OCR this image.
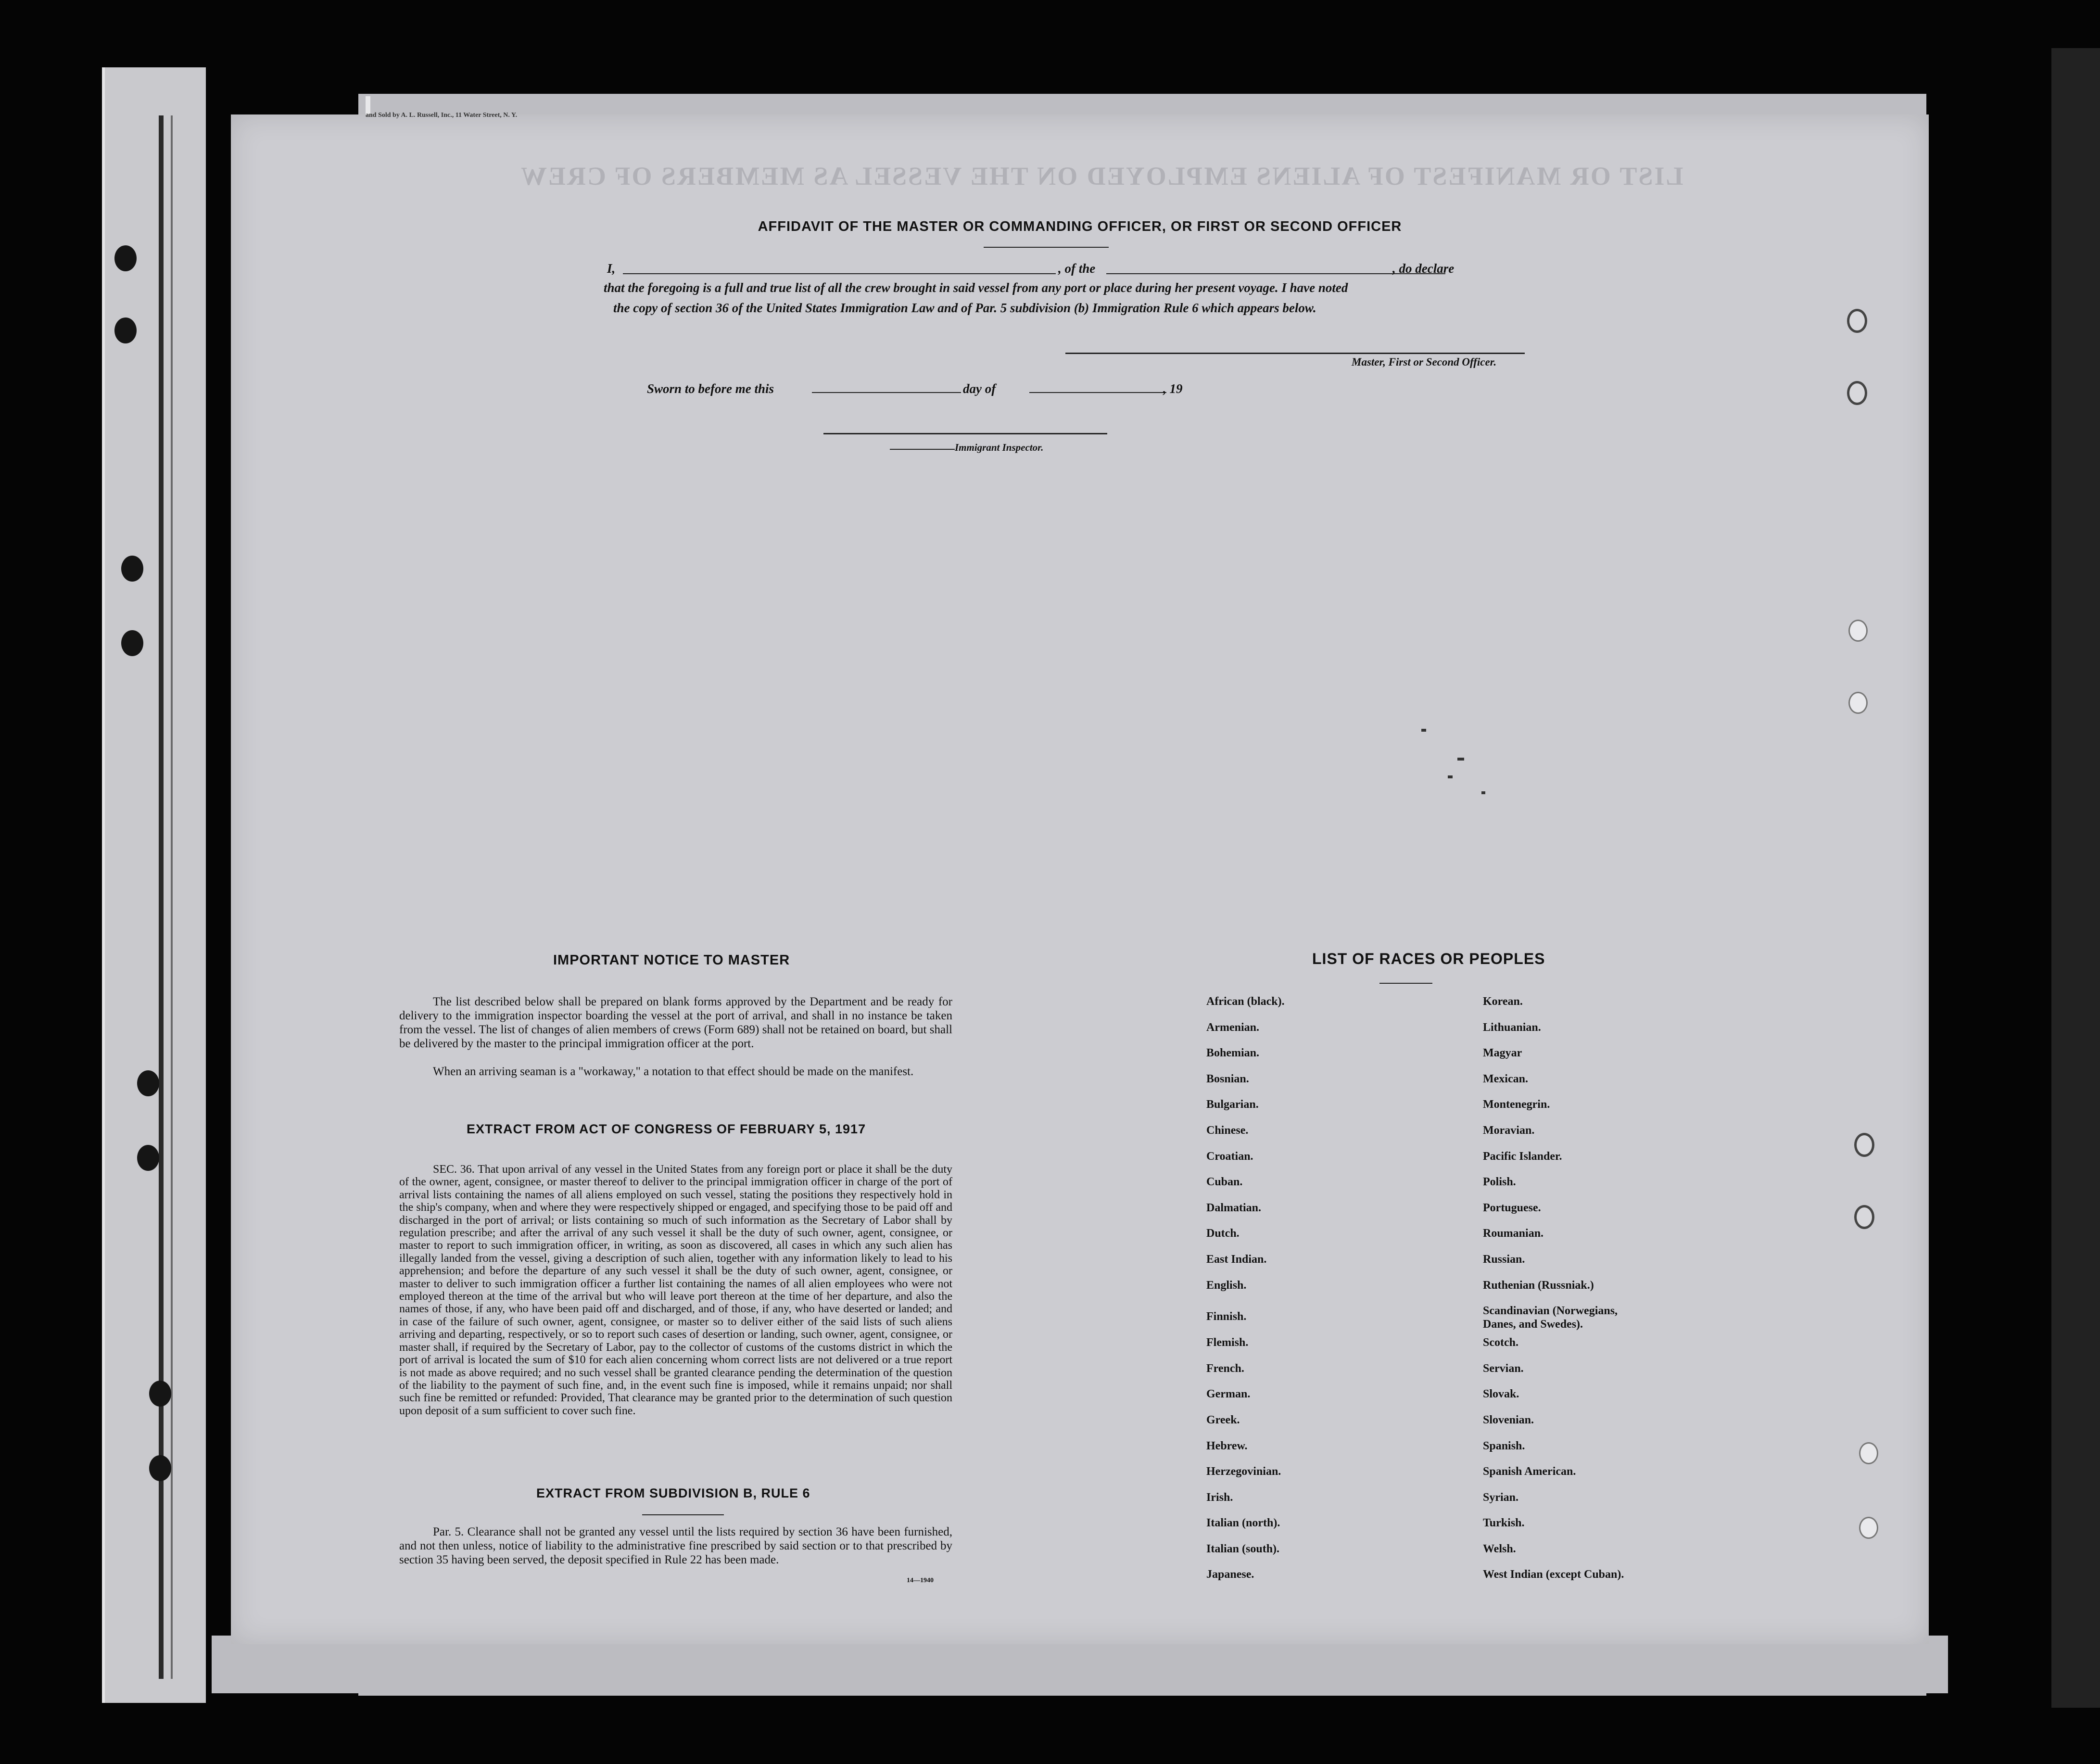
and Sold by A. L. Russell, Inc., 11 Water Street, N. Y.
LIST OR MANIFEST OF ALIENS EMPLOYED ON THE VESSEL AS MEMBERS OF CREW
AFFIDAVIT OF THE MASTER OR COMMANDING OFFICER, OR FIRST OR SECOND OFFICER
I,	, of the	, do declare
that the foregoing is a full and true list of all the crew brought in said vessel from any port or place during her present voyage. I have noted
the copy of section 36 of the United States Immigration Law and of Par. 5 subdivision (b) Immigration Rule 6 which appears below.
Master, First or Second Officer.
Sworn to before me this	day of	, 19
Immigrant Inspector.
IMPORTANT NOTICE TO MASTER
The list described below shall be prepared on blank forms approved by the Department and be ready for delivery to the immigration inspector boarding the vessel at the port of arrival, and shall in no instance be taken from the vessel. The list of changes of alien members of crews (Form 689) shall not be retained on board, but shall be delivered by the master to the principal immigration officer at the port.
When an arriving seaman is a "workaway," a notation to that effect should be made on the manifest.
EXTRACT FROM ACT OF CONGRESS OF FEBRUARY 5, 1917
SEC. 36. That upon arrival of any vessel in the United States from any foreign port or place it shall be the duty of the owner, agent, consignee, or master thereof to deliver to the principal immigration officer in charge of the port of arrival lists containing the names of all aliens employed on such vessel, stating the positions they respectively hold in the ship's company, when and where they were respectively shipped or engaged, and specifying those to be paid off and discharged in the port of arrival; or lists containing so much of such information as the Secretary of Labor shall by regulation prescribe; and after the arrival of any such vessel it shall be the duty of such owner, agent, consignee, or master to report to such immigration officer, in writing, as soon as discovered, all cases in which any such alien has illegally landed from the vessel, giving a description of such alien, together with any information likely to lead to his apprehension; and before the departure of any such vessel it shall be the duty of such owner, agent, consignee, or master to deliver to such immigration officer a further list containing the names of all alien employees who were not employed thereon at the time of the arrival but who will leave port thereon at the time of her departure, and also the names of those, if any, who have been paid off and discharged, and of those, if any, who have deserted or landed; and in case of the failure of such owner, agent, consignee, or master so to deliver either of the said lists of such aliens arriving and departing, respectively, or so to report such cases of desertion or landing, such owner, agent, consignee, or master shall, if required by the Secretary of Labor, pay to the collector of customs of the customs district in which the port of arrival is located the sum of $10 for each alien concerning whom correct lists are not delivered or a true report is not made as above required; and no such vessel shall be granted clearance pending the determination of the question of the liability to the payment of such fine, and, in the event such fine is imposed, while it remains unpaid; nor shall such fine be remitted or refunded: Provided, That clearance may be granted prior to the determination of such question upon deposit of a sum sufficient to cover such fine.
EXTRACT FROM SUBDIVISION B, RULE 6
Par. 5. Clearance shall not be granted any vessel until the lists required by section 36 have been furnished, and not then unless, notice of liability to the administrative fine prescribed by said section or to that prescribed by section 35 having been served, the deposit specified in Rule 22 has been made.
14—1940
LIST OF RACES OR PEOPLES
African (black).
Armenian.
Bohemian.
Bosnian.
Bulgarian.
Chinese.
Croatian.
Cuban.
Dalmatian.
Dutch.
East Indian.
English.
Finnish.
Flemish.
French.
German.
Greek.
Hebrew.
Herzegovinian.
Irish.
Italian (north).
Italian (south).
Japanese.
Korean.
Lithuanian.
Magyar
Mexican.
Montenegrin.
Moravian.
Pacific Islander.
Polish.
Portuguese.
Roumanian.
Russian.
Ruthenian (Russniak.)
Scandinavian (Norwegians, Danes, and Swedes).
Scotch.
Servian.
Slovak.
Slovenian.
Spanish.
Spanish American.
Syrian.
Turkish.
Welsh.
West Indian (except Cuban).
